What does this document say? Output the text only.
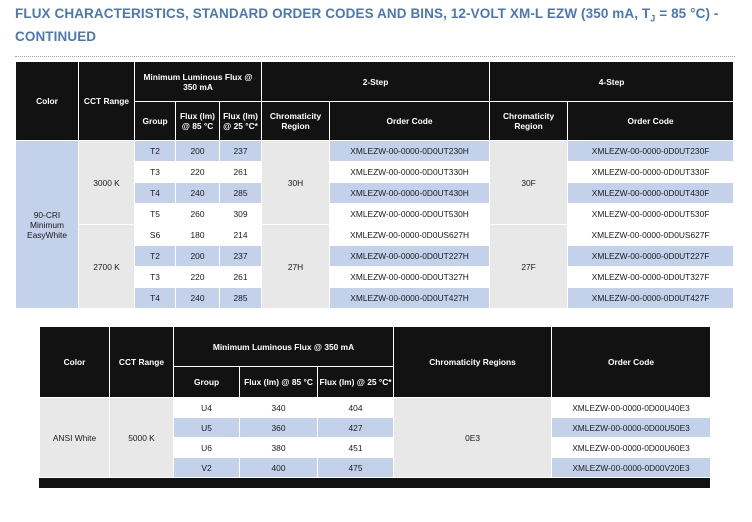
FLUX CHARACTERISTICS, STANDARD ORDER CODES AND BINS, 12-VOLT XM-L EZW (350 mA, $T_J = 85$ °C) -
CONTINUED
Color	CCT Range	Minimum Luminous Flux @ 350 mA			2-Step		4-Step	
		Group	Flux (lm) @ 85 °C	Flux (lm) @ 25 °C*	Chromaticity Region	Order Code	Chromaticity Region	Order Code
90-CRI Minimum EasyWhite	3000 K	T2	200	237	30H	XMLEZW-00-0000-0D0UT230H	30F	XMLEZW-00-0000-0D0UT230F
		T3	220	261		XMLEZW-00-0000-0D0UT330H		XMLEZW-00-0000-0D0UT330F
		T4	240	285		XMLEZW-00-0000-0D0UT430H		XMLEZW-00-0000-0D0UT430F
		T5	260	309		XMLEZW-00-0000-0D0UT530H		XMLEZW-00-0000-0D0UT530F
	2700 K	S6	180	214	27H	XMLEZW-00-0000-0D0US627H	27F	XMLEZW-00-0000-0D0US627F
		T2	200	237		XMLEZW-00-0000-0D0UT227H		XMLEZW-00-0000-0D0UT227F
		T3	220	261		XMLEZW-00-0000-0D0UT327H		XMLEZW-00-0000-0D0UT327F
		T4	240	285		XMLEZW-00-0000-0D0UT427H		XMLEZW-00-0000-0D0UT427F
Color	CCT Range	Minimum Luminous Flux @ 350 mA			Chromaticity Regions	Order Code
		Group	Flux (lm) @ 85 °C	Flux (lm) @ 25 °C*		
ANSI White	5000 K	U4	340	404	0E3	XMLEZW-00-0000-0D00U40E3
		U5	360	427		XMLEZW-00-0000-0D00U50E3
		U6	380	451		XMLEZW-00-0000-0D00U60E3
		V2	400	475		XMLEZW-00-0000-0D00V20E3
